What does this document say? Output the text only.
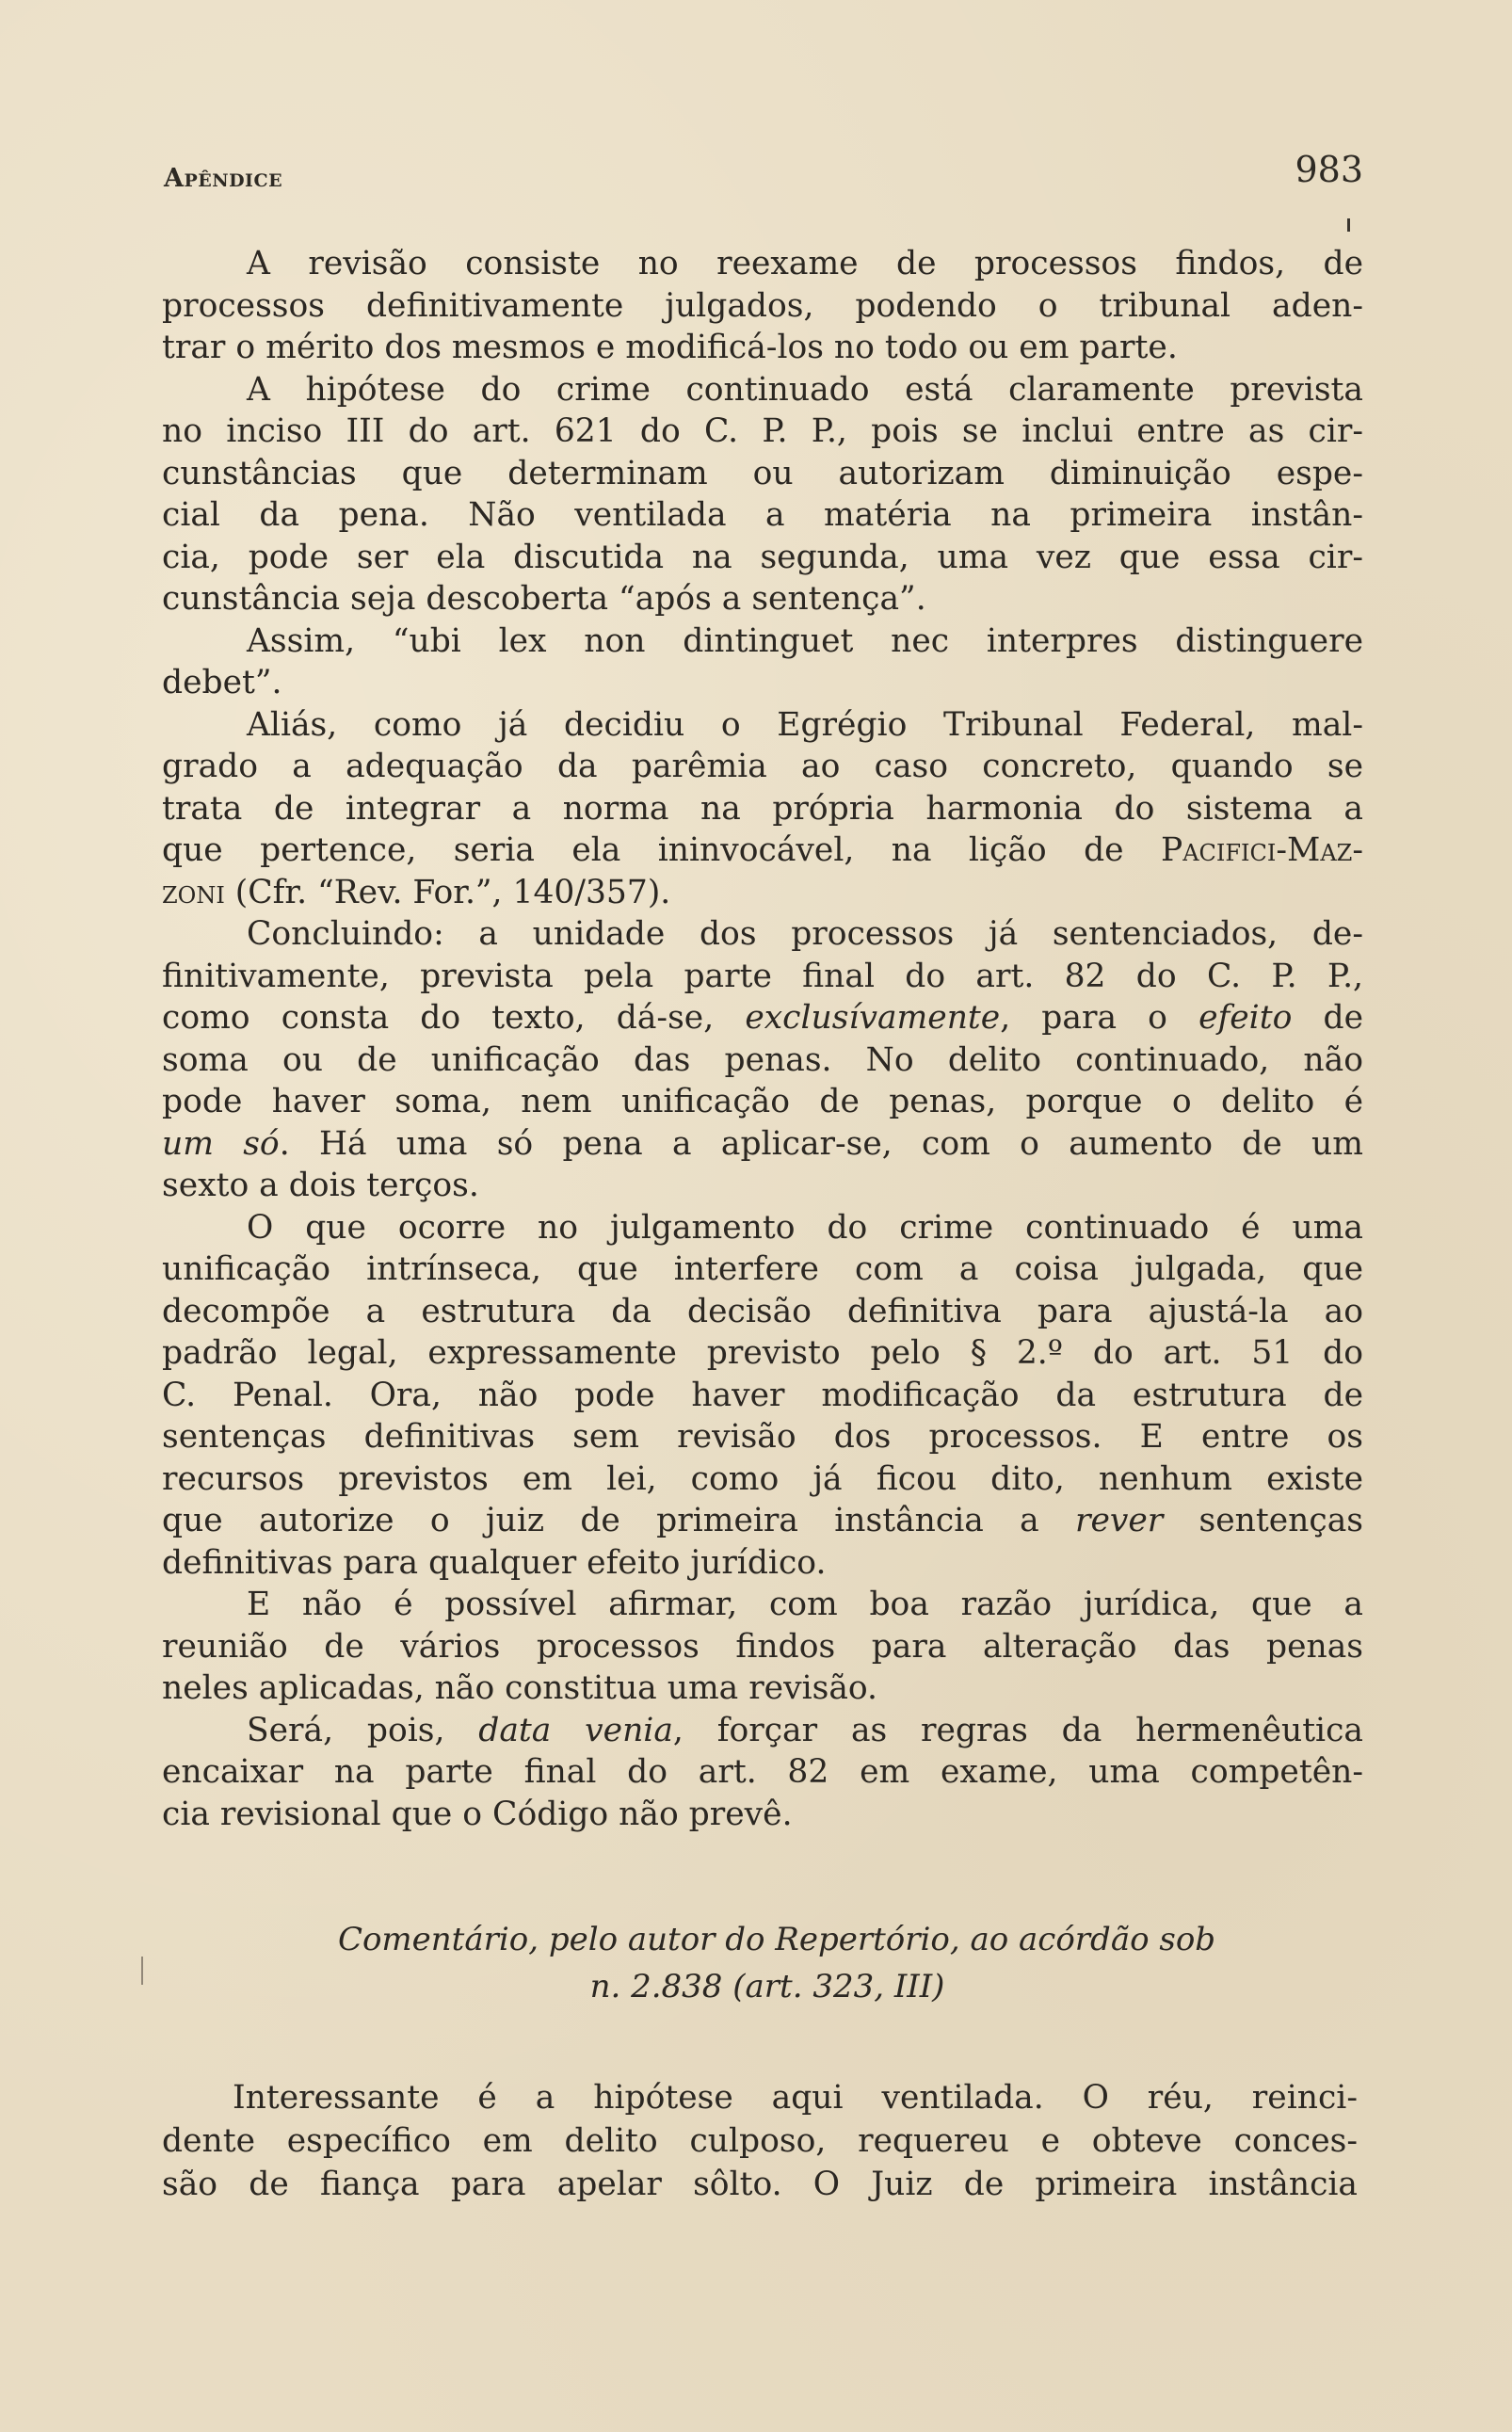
Apêndice	983

A revisão consiste no reexame de processos findos, de
processos definitivamente julgados, podendo o tribunal aden-
trar o mérito dos mesmos e modificá-los no todo ou em parte.

A hipótese do crime continuado está claramente prevista
no inciso III do art. 621 do C. P. P., pois se inclui entre as cir-
cunstâncias que determinam ou autorizam diminuição espe-
cial da pena. Não ventilada a matéria na primeira instân-
cia, pode ser ela discutida na segunda, uma vez que essa cir-
cunstância seja descoberta “após a sentença”.

Assim, “ubi lex non dintinguet nec interpres distinguere
debet”.

Aliás, como já decidiu o Egrégio Tribunal Federal, mal-
grado a adequação da parêmia ao caso concreto, quando se
trata de integrar a norma na própria harmonia do sistema a
que pertence, seria ela ininvocável, na lição de Pacifici-Maz-
zoni (Cfr. “Rev. For.”, 140/357).

Concluindo: a unidade dos processos já sentenciados, de-
finitivamente, prevista pela parte final do art. 82 do C. P. P.,
como consta do texto, dá-se, exclusívamente, para o efeito de
soma ou de unificação das penas. No delito continuado, não
pode haver soma, nem unificação de penas, porque o delito é
um só. Há uma só pena a aplicar-se, com o aumento de um
sexto a dois terços.

O que ocorre no julgamento do crime continuado é uma
unificação intrínseca, que interfere com a coisa julgada, que
decompõe a estrutura da decisão definitiva para ajustá-la ao
padrão legal, expressamente previsto pelo § 2.º do art. 51 do
C. Penal. Ora, não pode haver modificação da estrutura de
sentenças definitivas sem revisão dos processos. E entre os
recursos previstos em lei, como já ficou dito, nenhum existe
que autorize o juiz de primeira instância a rever sentenças
definitivas para qualquer efeito jurídico.

E não é possível afirmar, com boa razão jurídica, que a
reunião de vários processos findos para alteração das penas
neles aplicadas, não constitua uma revisão.

Será, pois, data venia, forçar as regras da hermenêutica
encaixar na parte final do art. 82 em exame, uma competên-
cia revisional que o Código não prevê.

Comentário, pelo autor do Repertório, ao acórdão sob
n. 2.838 (art. 323, III)

Interessante é a hipótese aqui ventilada. O réu, reinci-
dente específico em delito culposo, requereu e obteve conces-
são de fiança para apelar sôlto. O Juiz de primeira instância
